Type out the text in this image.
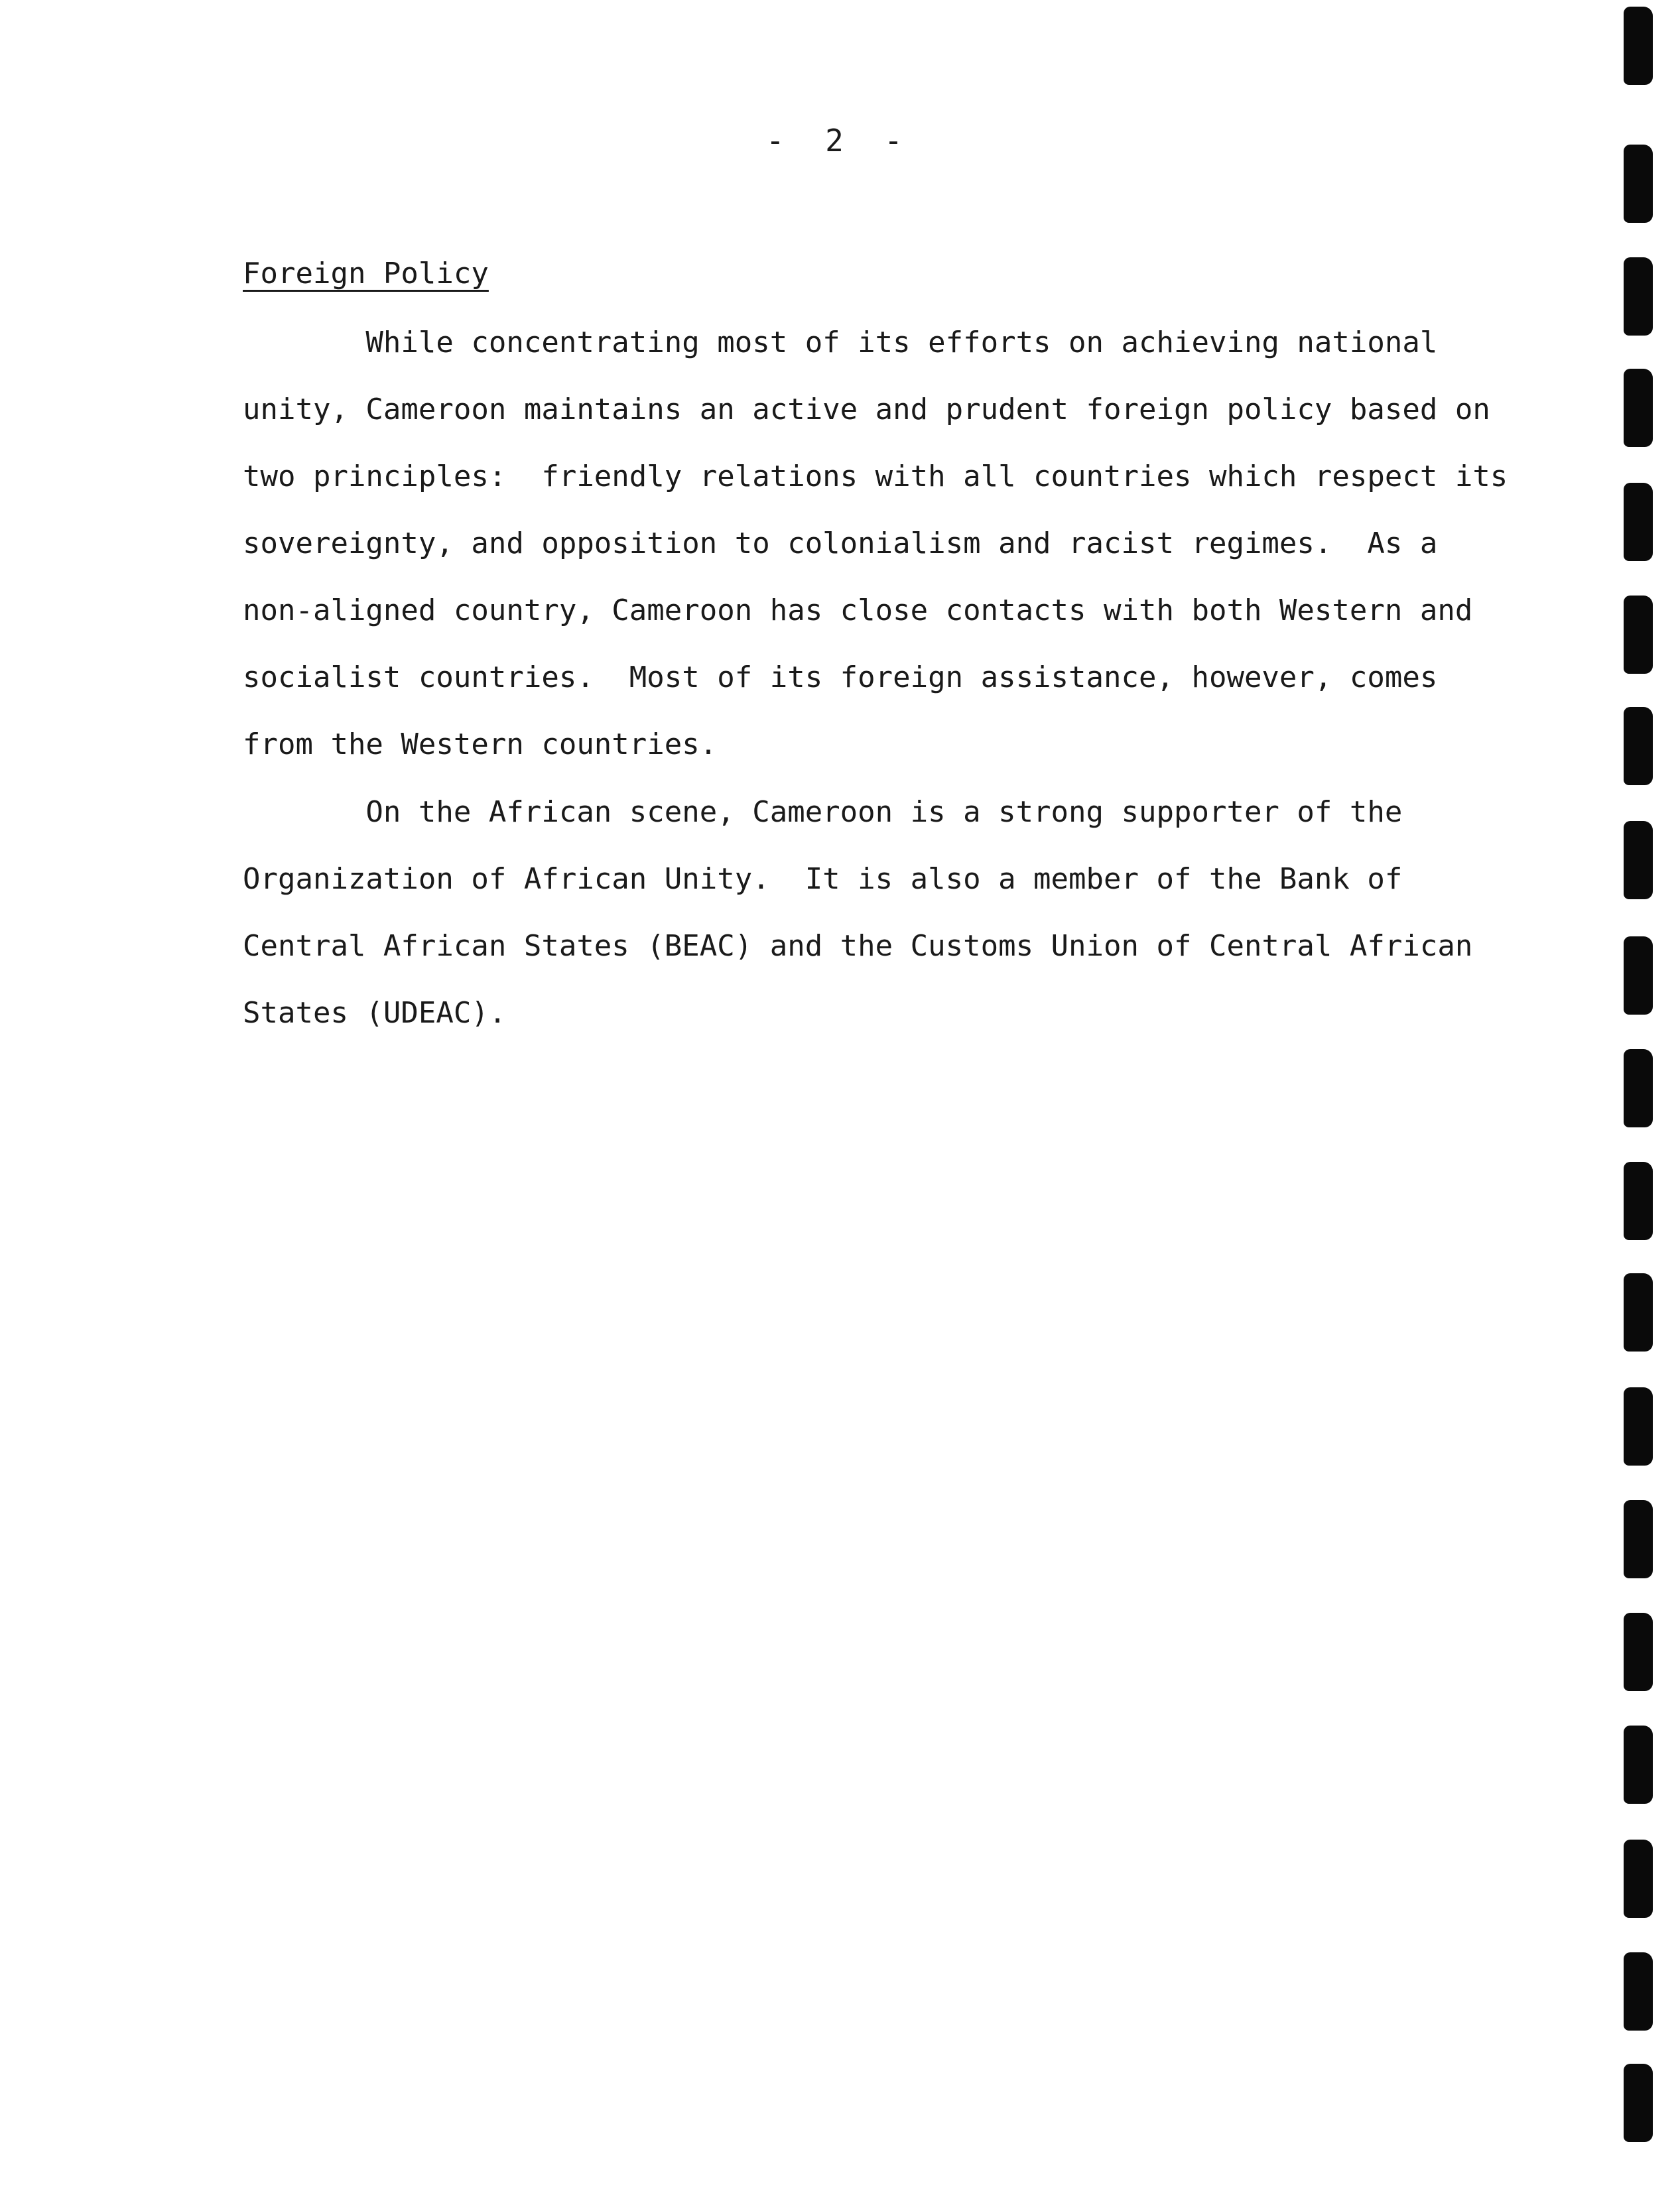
-  2  -
Foreign Policy
While concentrating most of its efforts on achieving national
unity, Cameroon maintains an active and prudent foreign policy based on
two principles:  friendly relations with all countries which respect its
sovereignty, and opposition to colonialism and racist regimes.  As a
non-aligned country, Cameroon has close contacts with both Western and
socialist countries.  Most of its foreign assistance, however, comes
from the Western countries.
On the African scene, Cameroon is a strong supporter of the
Organization of African Unity.  It is also a member of the Bank of
Central African States (BEAC) and the Customs Union of Central African
States (UDEAC).
